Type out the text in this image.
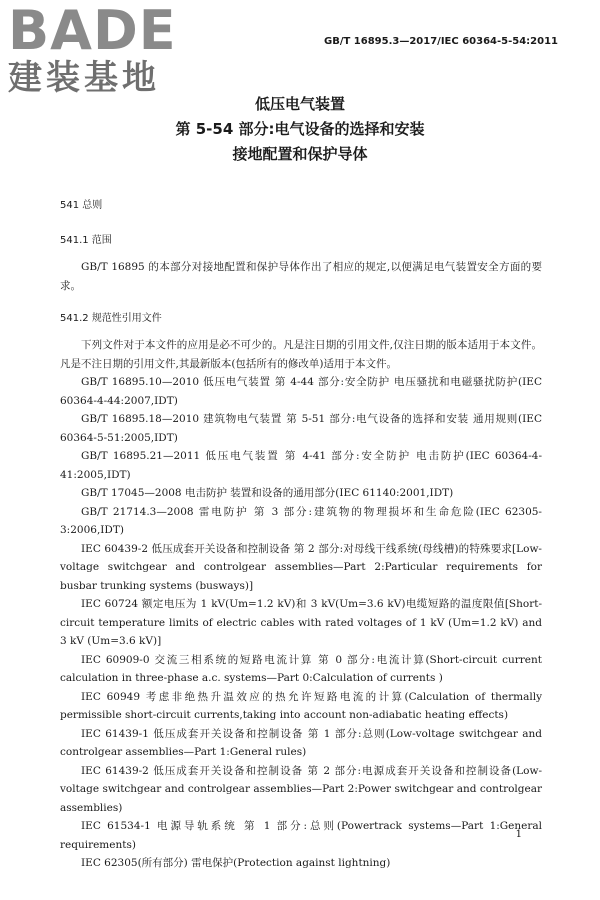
BADE
建装基地
GB/T 16895.3—2017/IEC 60364-5-54:2011
低压电气装置
第 5-54 部分:电气设备的选择和安装
接地配置和保护导体
541 总则
541.1 范围

GB/T 16895 的本部分对接地配置和保护导体作出了相应的规定,以便满足电气装置安全方面的要求。

541.2 规范性引用文件

下列文件对于本文件的应用是必不可少的。凡是注日期的引用文件,仅注日期的版本适用于本文件。凡是不注日期的引用文件,其最新版本(包括所有的修改单)适用于本文件。

GB/T 16895.10—2010 低压电气装置 第 4-44 部分:安全防护 电压骚扰和电磁骚扰防护(IEC 60364-4-44:2007,IDT)

GB/T 16895.18—2010 建筑物电气装置 第 5-51 部分:电气设备的选择和安装 通用规则(IEC 60364-5-51:2005,IDT)

GB/T 16895.21—2011 低压电气装置 第 4-41 部分:安全防护 电击防护(IEC 60364-4-41:2005,IDT)

GB/T 17045—2008 电击防护 装置和设备的通用部分(IEC 61140:2001,IDT)

GB/T 21714.3—2008 雷电防护 第 3 部分:建筑物的物理损坏和生命危险(IEC 62305-3:2006,IDT)

IEC 60439-2 低压成套开关设备和控制设备 第 2 部分:对母线干线系统(母线槽)的特殊要求[Low-voltage switchgear and controlgear assemblies—Part 2:Particular requirements for busbar trunking systems (busways)]

IEC 60724 额定电压为 1 kV(Um=1.2 kV)和 3 kV(Um=3.6 kV)电缆短路的温度限值[Short-circuit temperature limits of electric cables with rated voltages of 1 kV (Um=1.2 kV) and 3 kV (Um=3.6 kV)]

IEC 60909-0 交流三相系统的短路电流计算 第 0 部分:电流计算(Short-circuit current calculation in three-phase a.c. systems—Part 0:Calculation of currents )

IEC 60949 考虑非绝热升温效应的热允许短路电流的计算(Calculation of thermally permissible short-circuit currents,taking into account non-adiabatic heating effects)

IEC 61439-1 低压成套开关设备和控制设备 第 1 部分:总则(Low-voltage switchgear and controlgear assemblies—Part 1:General rules)

IEC 61439-2 低压成套开关设备和控制设备 第 2 部分:电源成套开关设备和控制设备(Low-voltage switchgear and controlgear assemblies—Part 2:Power switchgear and controlgear assemblies)

IEC 61534-1 电源导轨系统 第 1 部分:总则(Powertrack systems—Part 1:General requirements)

IEC 62305(所有部分) 雷电保护(Protection against lightning)

1
